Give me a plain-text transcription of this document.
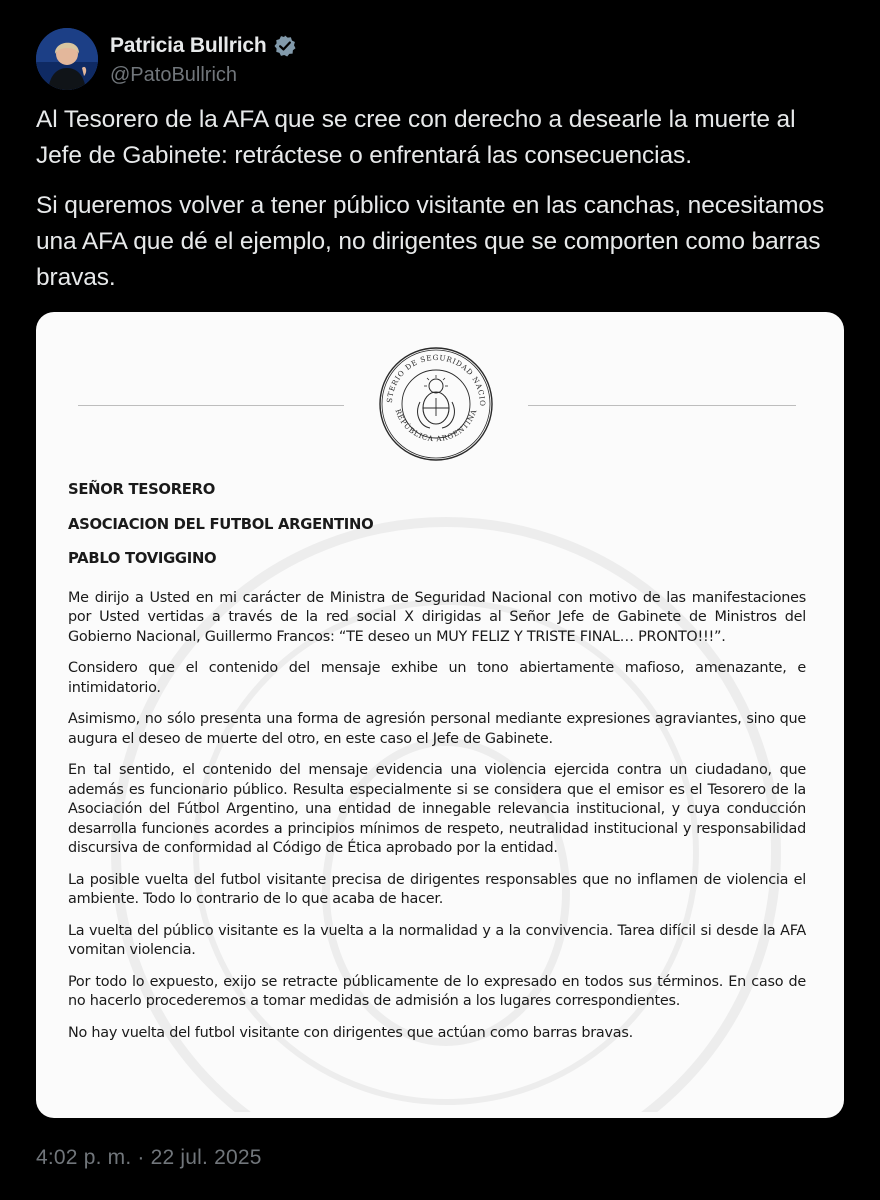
Patricia Bullrich
@PatoBullrich

Al Tesorero de la AFA que se cree con derecho a desearle la muerte al Jefe de Gabinete: retráctese o enfrentará las consecuencias.

Si queremos volver a tener público visitante en las canchas, necesitamos una AFA que dé el ejemplo, no dirigentes que se comporten como barras bravas.

STERIO DE SEGURIDAD NACIO
REPÚBLICA ARGENTINA
SEÑOR TESORERO
ASOCIACION DEL FUTBOL ARGENTINO
PABLO TOVIGGINO

Me dirijo a Usted en mi carácter de Ministra de Seguridad Nacional con motivo de las manifestaciones por Usted vertidas a través de la red social X dirigidas al Señor Jefe de Gabinete de Ministros del Gobierno Nacional, Guillermo Francos: “TE deseo un MUY FELIZ Y TRISTE FINAL… PRONTO!!!”.

Considero que el contenido del mensaje exhibe un tono abiertamente mafioso, amenazante, e intimidatorio.

Asimismo, no sólo presenta una forma de agresión personal mediante expresiones agraviantes, sino que augura el deseo de muerte del otro, en este caso el Jefe de Gabinete.

En tal sentido, el contenido del mensaje evidencia una violencia ejercida contra un ciudadano, que además es funcionario público. Resulta especialmente si se considera que el emisor es el Tesorero de la Asociación del Fútbol Argentino, una entidad de innegable relevancia institucional, y cuya conducción desarrolla funciones acordes a principios mínimos de respeto, neutralidad institucional y responsabilidad discursiva de conformidad al Código de Ética aprobado por la entidad.

La posible vuelta del futbol visitante precisa de dirigentes responsables que no inflamen de violencia el ambiente. Todo lo contrario de lo que acaba de hacer.

La vuelta del público visitante es la vuelta a la normalidad y a la convivencia. Tarea difícil si desde la AFA vomitan violencia.

Por todo lo expuesto, exijo se retracte públicamente de lo expresado en todos sus términos. En caso de no hacerlo procederemos a tomar medidas de admisión a los lugares correspondientes.

No hay vuelta del futbol visitante con dirigentes que actúan como barras bravas.

4:02 p. m. · 22 jul. 2025
